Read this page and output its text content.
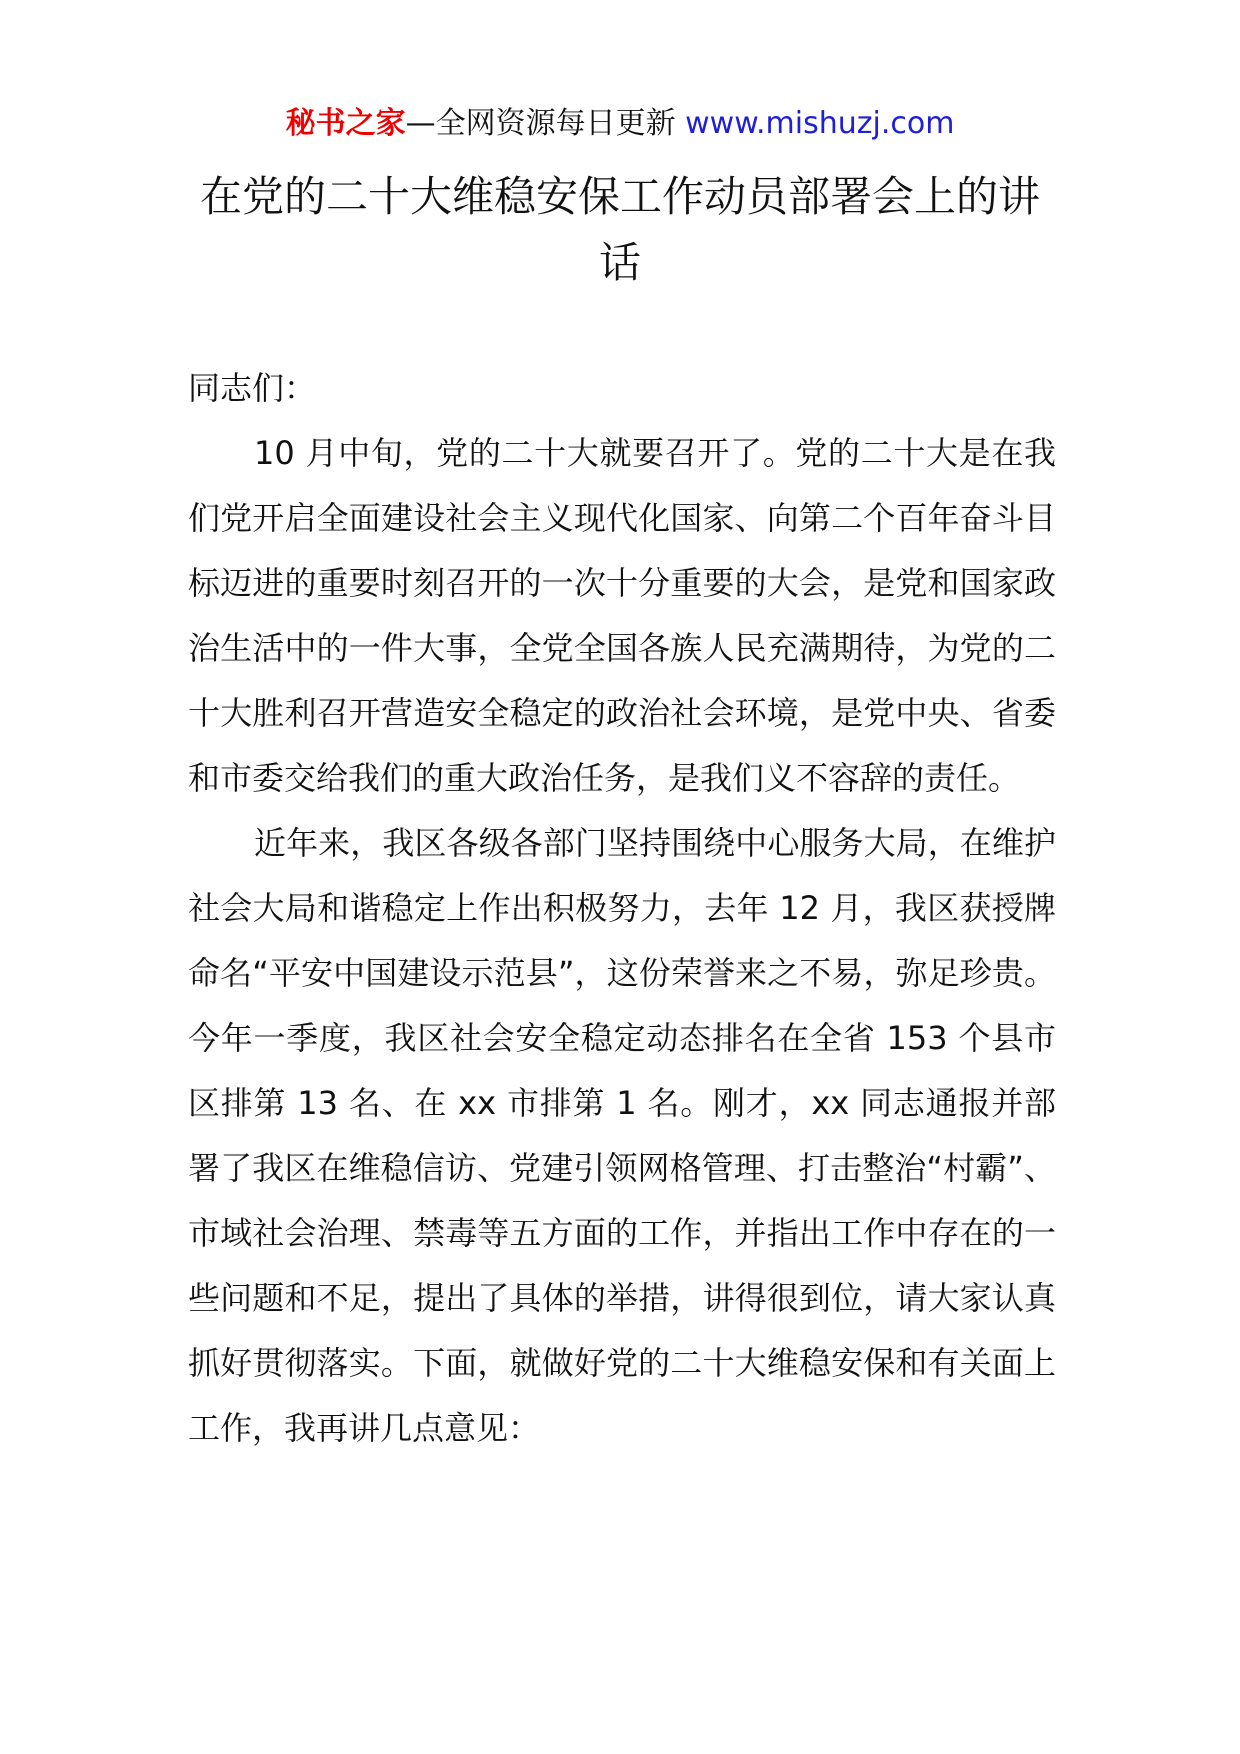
秘书之家—全网资源每日更新 www.mishuzj.com
在党的二十大维稳安保工作动员部署会上的讲话

同志们：

10 月中旬，党的二十大就要召开了。党的二十大是在我们党开启全面建设社会主义现代化国家、向第二个百年奋斗目标迈进的重要时刻召开的一次十分重要的大会，是党和国家政治生活中的一件大事，全党全国各族人民充满期待，为党的二十大胜利召开营造安全稳定的政治社会环境，是党中央、省委和市委交给我们的重大政治任务，是我们义不容辞的责任。

近年来，我区各级各部门坚持围绕中心服务大局，在维护社会大局和谐稳定上作出积极努力，去年 12 月，我区获授牌命名“平安中国建设示范县”，这份荣誉来之不易，弥足珍贵。今年一季度，我区社会安全稳定动态排名在全省 153 个县市区排第 13 名、在 xx 市排第 1 名。刚才，xx 同志通报并部署了我区在维稳信访、党建引领网格管理、打击整治“村霸”、市域社会治理、禁毒等五方面的工作，并指出工作中存在的一些问题和不足，提出了具体的举措，讲得很到位，请大家认真抓好贯彻落实。下面，就做好党的二十大维稳安保和有关面上工作，我再讲几点意见：
